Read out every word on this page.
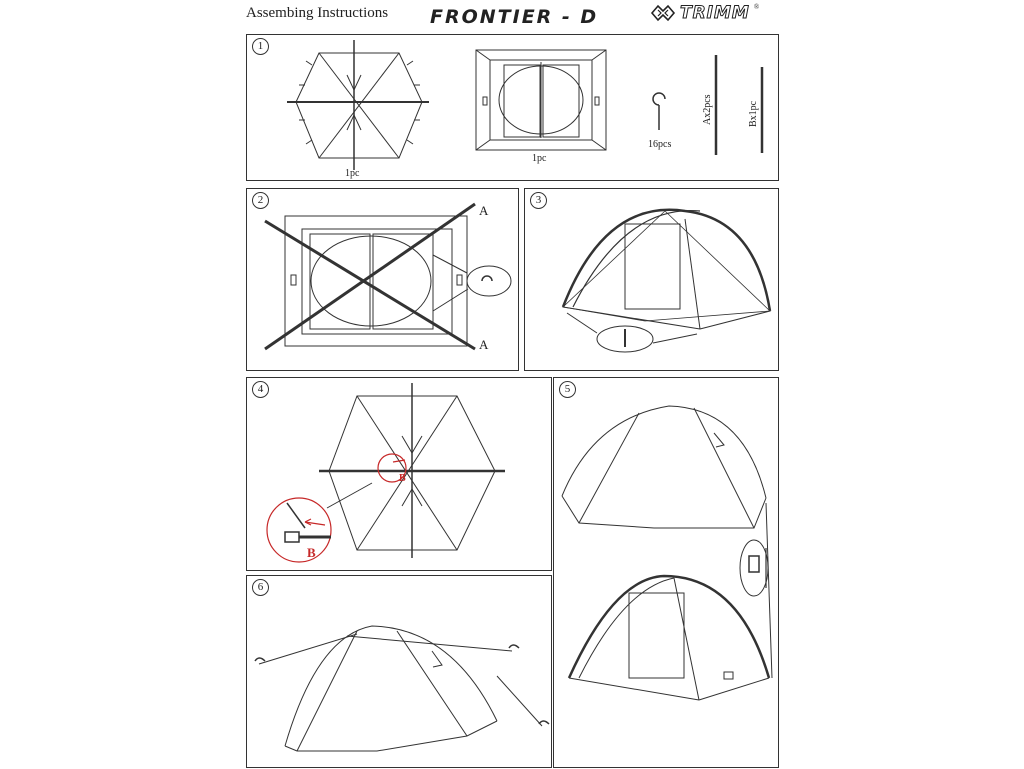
Assembing Instructions FRONTIER - D	TRIMM ®
1
1pc
1pc
16pcs
Ax2pcs	Bx1pc
2
A
A
3
4
B
B
5
6
